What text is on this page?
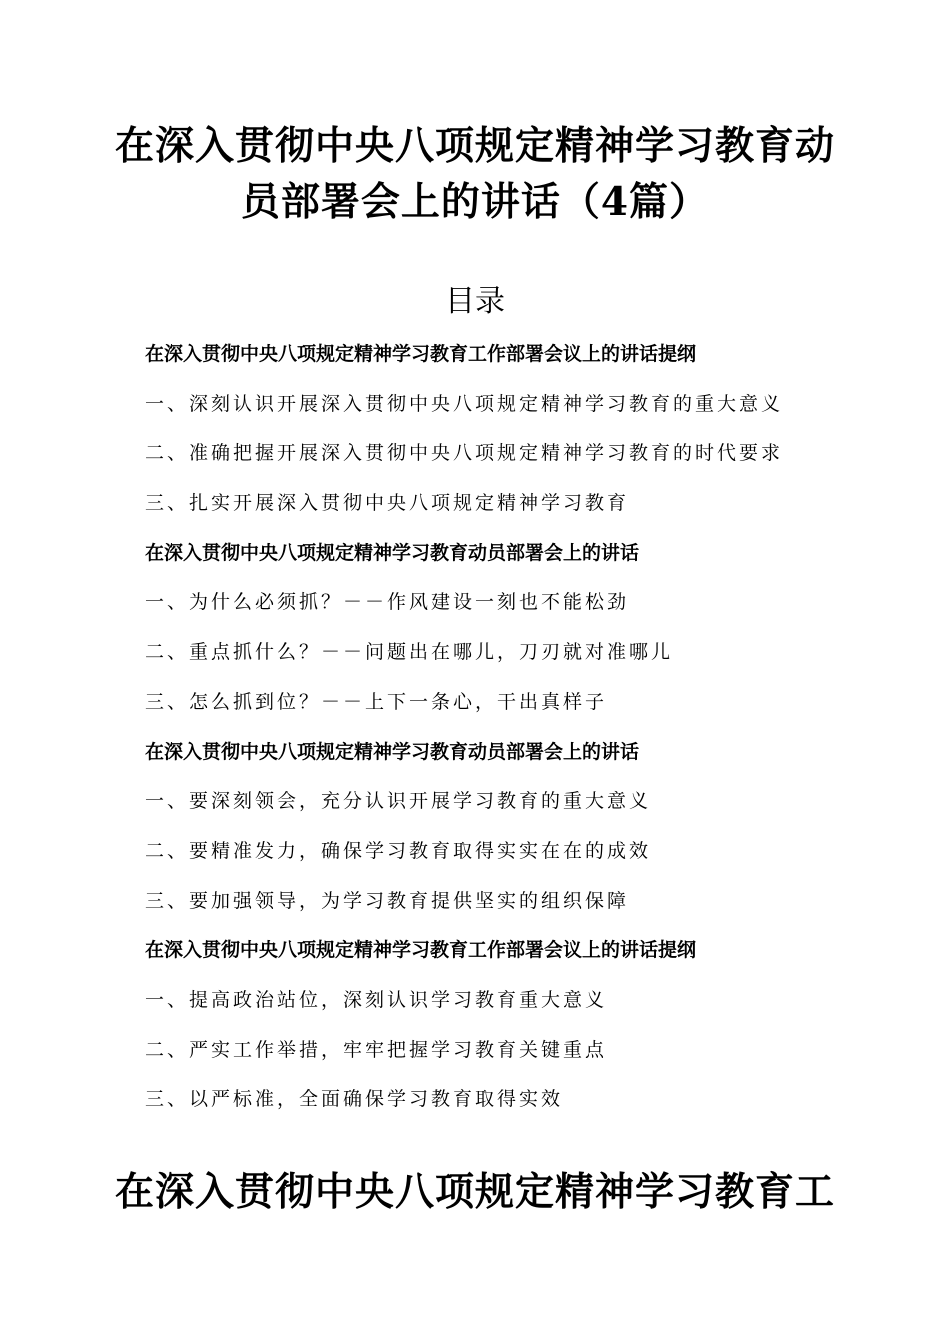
在深入贯彻中央八项规定精神学习教育动
员部署会上的讲话（4篇）
目录
在深入贯彻中央八项规定精神学习教育工作部署会议上的讲话提纲
一、深刻认识开展深入贯彻中央八项规定精神学习教育的重大意义
二、准确把握开展深入贯彻中央八项规定精神学习教育的时代要求
三、扎实开展深入贯彻中央八项规定精神学习教育
在深入贯彻中央八项规定精神学习教育动员部署会上的讲话
一、为什么必须抓？－－作风建设一刻也不能松劲
二、重点抓什么？－－问题出在哪儿，刀刃就对准哪儿
三、怎么抓到位？－－上下一条心，干出真样子
在深入贯彻中央八项规定精神学习教育动员部署会上的讲话
一、要深刻领会，充分认识开展学习教育的重大意义
二、要精准发力，确保学习教育取得实实在在的成效
三、要加强领导，为学习教育提供坚实的组织保障
在深入贯彻中央八项规定精神学习教育工作部署会议上的讲话提纲
一、提高政治站位，深刻认识学习教育重大意义
二、严实工作举措，牢牢把握学习教育关键重点
三、以严标准，全面确保学习教育取得实效
在深入贯彻中央八项规定精神学习教育工
